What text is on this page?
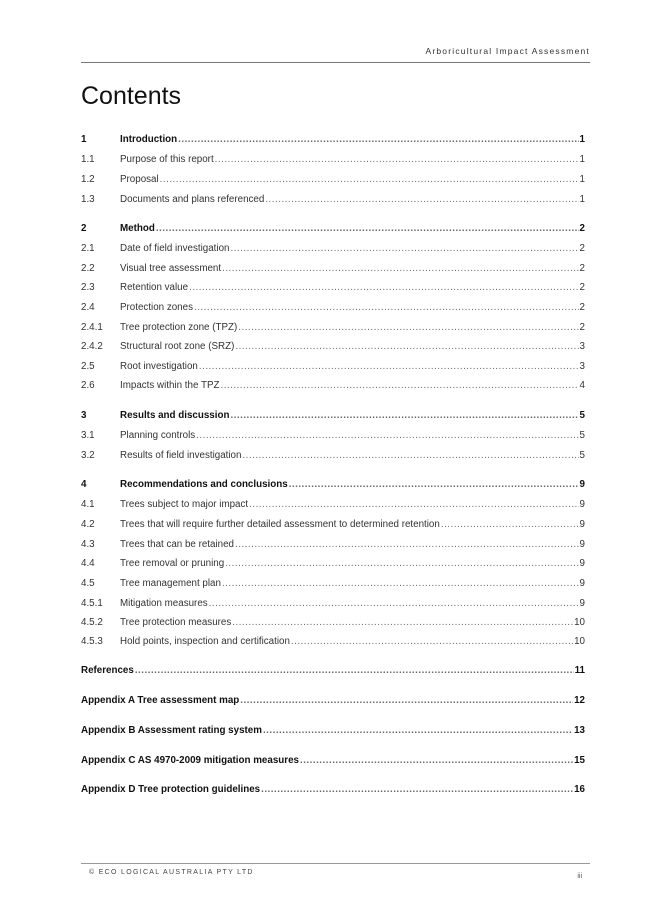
Arboricultural Impact Assessment
Contents
1	Introduction .....	1
1.1	Purpose of this report .....	1
1.2	Proposal .....	1
1.3	Documents and plans referenced .....	1
2	Method .....	2
2.1	Date of field investigation .....	2
2.2	Visual tree assessment .....	2
2.3	Retention value .....	2
2.4	Protection zones .....	2
2.4.1	Tree protection zone (TPZ) .....	2
2.4.2	Structural root zone (SRZ) .....	3
2.5	Root investigation .....	3
2.6	Impacts within the TPZ .....	4
3	Results and discussion .....	5
3.1	Planning controls .....	5
3.2	Results of field investigation .....	5
4	Recommendations and conclusions .....	9
4.1	Trees subject to major impact .....	9
4.2	Trees that will require further detailed assessment to determined retention .....	9
4.3	Trees that can be retained .....	9
4.4	Tree removal or pruning .....	9
4.5	Tree management plan .....	9
4.5.1	Mitigation measures .....	9
4.5.2	Tree protection measures .....	10
4.5.3	Hold points, inspection and certification .....	10
References .....	11
Appendix A Tree assessment map .....	12
Appendix B Assessment rating system .....	13
Appendix C AS 4970-2009 mitigation measures .....	15
Appendix D Tree protection guidelines .....	16
© ECO LOGICAL AUSTRALIA PTY LTD
iii
